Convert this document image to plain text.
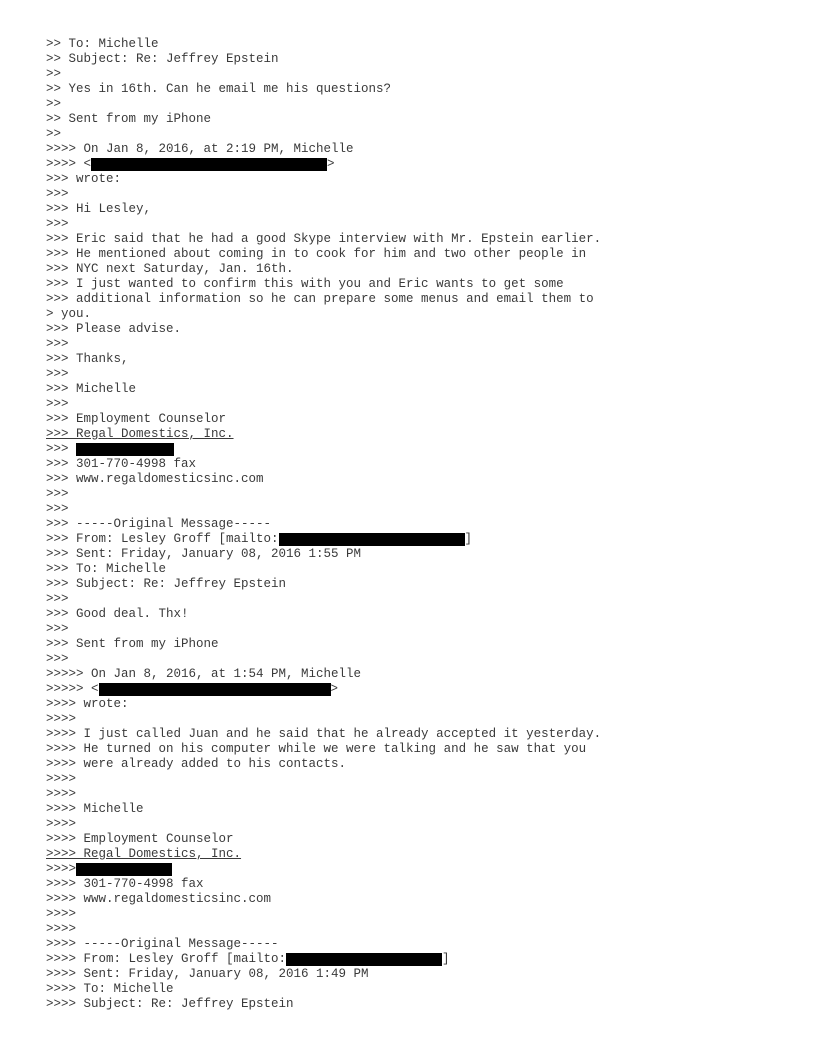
>> To: Michelle
>> Subject: Re: Jeffrey Epstein
>>
>> Yes in 16th. Can he email me his questions?
>>
>> Sent from my iPhone
>>
>>>> On Jan 8, 2016, at 2:19 PM, Michelle
>>>> <	>
>>> wrote:
>>>
>>> Hi Lesley,
>>>
>>> Eric said that he had a good Skype interview with Mr. Epstein earlier.
>>> He mentioned about coming in to cook for him and two other people in
>>> NYC next Saturday, Jan. 16th.
>>> I just wanted to confirm this with you and Eric wants to get some
>>> additional information so he can prepare some menus and email them to
> you.
>>> Please advise.
>>>
>>> Thanks,
>>>
>>> Michelle
>>>
>>> Employment Counselor
>>> Regal Domestics, Inc.
>>>
>>> 301-770-4998 fax
>>> www.regaldomesticsinc.com
>>>
>>>
>>> -----Original Message-----
>>> From: Lesley Groff [mailto:	]
>>> Sent: Friday, January 08, 2016 1:55 PM
>>> To: Michelle
>>> Subject: Re: Jeffrey Epstein
>>>
>>> Good deal. Thx!
>>>
>>> Sent from my iPhone
>>>
>>>>> On Jan 8, 2016, at 1:54 PM, Michelle
>>>>> <	>
>>>> wrote:
>>>>
>>>> I just called Juan and he said that he already accepted it yesterday.
>>>> He turned on his computer while we were talking and he saw that you
>>>> were already added to his contacts.
>>>>
>>>>
>>>> Michelle
>>>>
>>>> Employment Counselor
>>>> Regal Domestics, Inc.
>>>>
>>>> 301-770-4998 fax
>>>> www.regaldomesticsinc.com
>>>>
>>>>
>>>> -----Original Message-----
>>>> From: Lesley Groff [mailto:	]
>>>> Sent: Friday, January 08, 2016 1:49 PM
>>>> To: Michelle
>>>> Subject: Re: Jeffrey Epstein
